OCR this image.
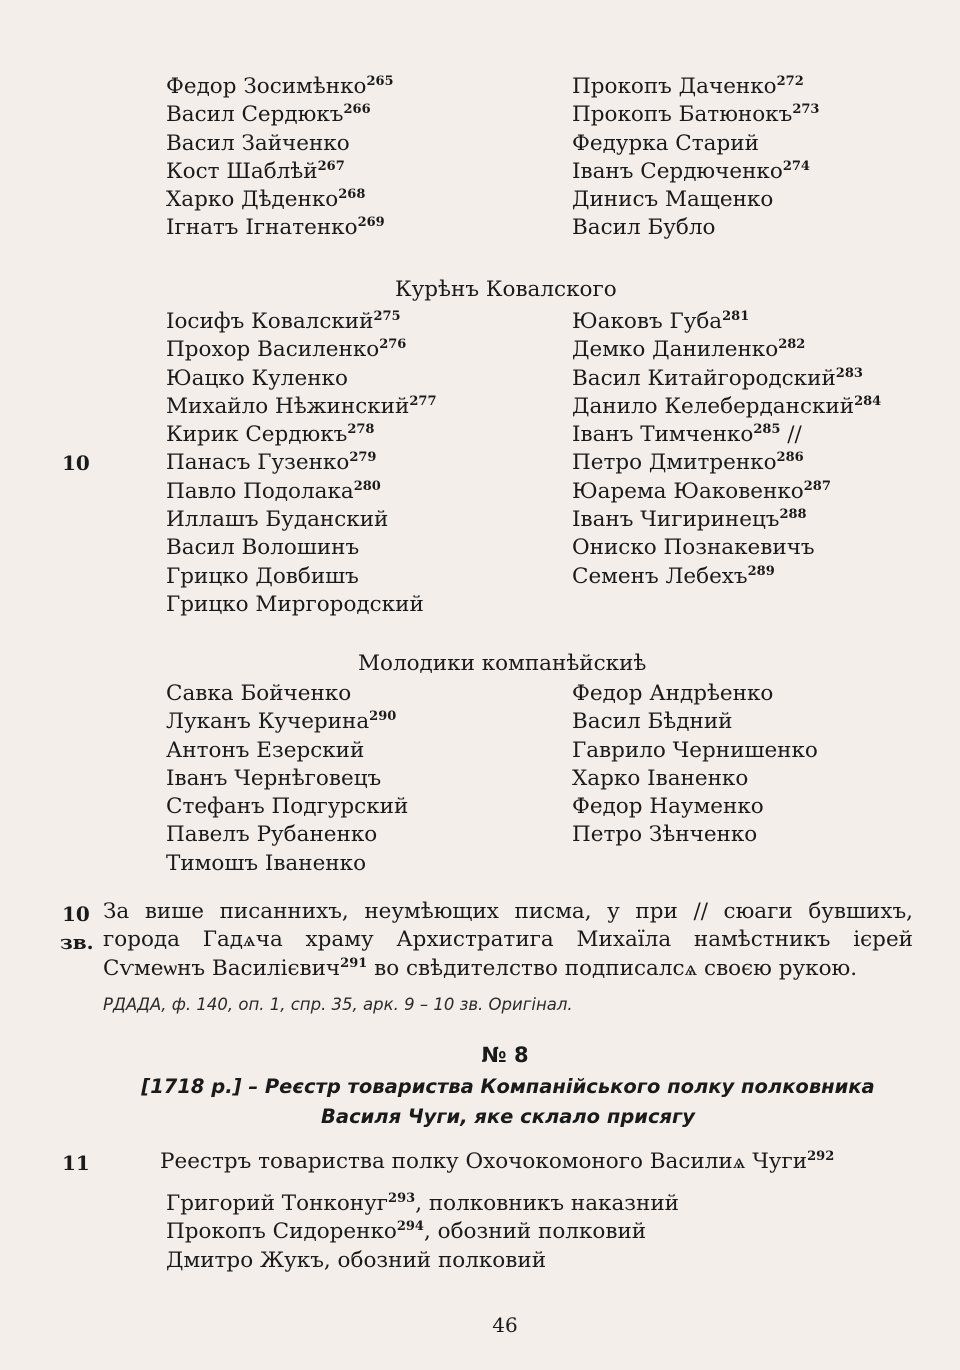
Федор Зосимѣнко$^{265}$
Васил Сердюкъ$^{266}$
Васил Зайченко
Кост Шаблѣй$^{267}$
Харко Дѣденко$^{268}$
Ігнатъ Ігнатенко$^{269}$
Прокопъ Даченко$^{272}$
Прокопъ Батюнокъ$^{273}$
Федурка Старий
Іванъ Сердюченко$^{274}$
Динисъ Мащенко
Васил Бубло
Курѣнъ Ковалского
Іосифъ Ковалский$^{275}$
Прохор Василенко$^{276}$
Юацко Куленко
Михайло Нѣжинский$^{277}$
Кирик Сердюкъ$^{278}$
Панасъ Гузенко$^{279}$
Павло Подолака$^{280}$
Иллашъ Буданский
Васил Волошинъ
Грицко Довбишъ
Грицко Миргородский
Юаковъ Губа$^{281}$
Демко Даниленко$^{282}$
Васил Китайгородский$^{283}$
Данило Келеберданский$^{284}$
Іванъ Тимченко$^{285}$ //
Петро Дмитренко$^{286}$
Юарема Юаковенко$^{287}$
Іванъ Чигиринецъ$^{288}$
Ониско Познакевичъ
Семенъ Лебехъ$^{289}$
10
Молодики компанѣйскиѣ
Савка Бойченко
Луканъ Кучерина$^{290}$
Антонъ Езерский
Іванъ Чернѣговецъ
Стефанъ Подгурский
Павелъ Рубаненко
Тимошъ Іваненко
Федор Андрѣенко
Васил Бѣдний
Гаврило Чернишенко
Харко Іваненко
Федор Науменко
Петро Зѣнченко
10
зв.
За више писаннихъ, неумѣющих писма, у при // сюаги бувшихъ, города Гадѧча храму Архистратига Михаїла намѣстникъ ієрей Сѵмеѡнъ Василієвич$^{291}$ во свѣдителство подписалсѧ своєю рукою.
РДАДА, ф. 140, оп. 1, спр. 35, арк. 9 – 10 зв. Оригінал.
№ 8
[1718 р.] – Реєстр товариства Компанійського полку полковника
Василя Чуги, яке склало присягу
11	Реестръ товариства полку Охочокомоного Василиѧ Чуги$^{292}$
Григорий Тонконуг$^{293}$, полковникъ наказний
Прокопъ Сидоренко$^{294}$, обозний полковий
Дмитро Жукъ, обозний полковий
46
